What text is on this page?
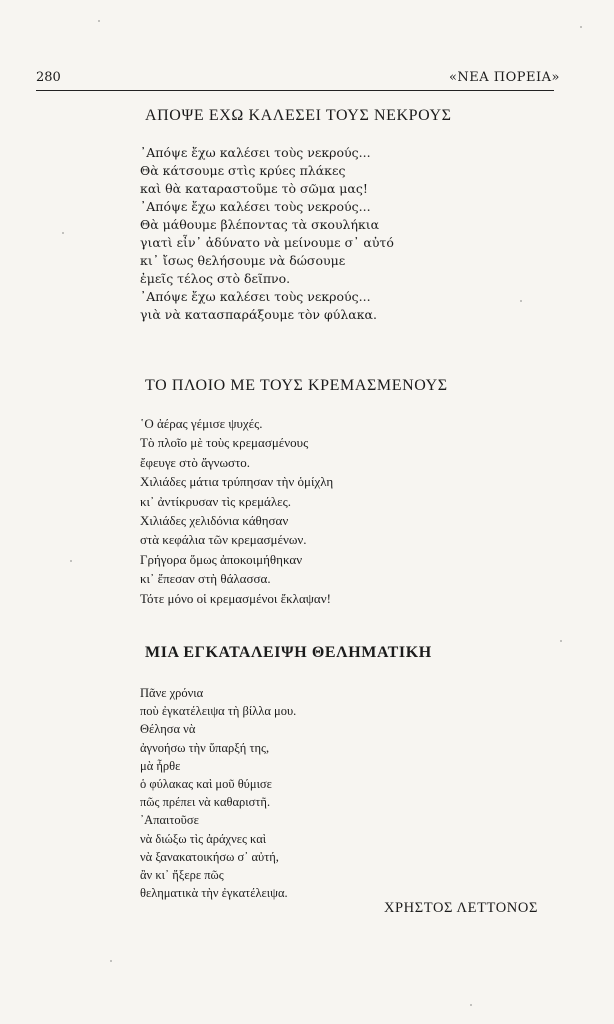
280	«ΝΕΑ ΠΟΡΕΙΑ»
ΑΠΟΨΕ ΕΧΩ ΚΑΛΕΣΕΙ ΤΟΥΣ ΝΕΚΡΟΥΣ
᾿Απόψε ἔχω καλέσει τοὺς νεκρούς...
Θὰ κάτσουμε στὶς κρύες πλάκες
καὶ θὰ καταραστοῦμε τὸ σῶμα μας!
᾿Απόψε ἔχω καλέσει τοὺς νεκρούς...
Θὰ μάθουμε βλέποντας τὰ σκουλήκια
γιατὶ εἶν᾿ ἀδύνατο νὰ μείνουμε σ᾿ αὐτό
κι᾿ ἴσως θελήσουμε νὰ δώσουμε
ἐμεῖς τέλος στὸ δεῖπνο.
᾿Απόψε ἔχω καλέσει τοὺς νεκρούς...
γιὰ νὰ κατασπαράξουμε τὸν φύλακα.
ΤΟ ΠΛΟΙΟ ΜΕ ΤΟΥΣ ΚΡΕΜΑΣΜΕΝΟΥΣ
῾Ο ἀέρας γέμισε ψυχές.
Τὸ πλοῖο μὲ τοὺς κρεμασμένους
ἔφευγε στὸ ἄγνωστο.
Χιλιάδες μάτια τρύπησαν τὴν ὁμίχλη
κι᾿ ἀντίκρυσαν τὶς κρεμάλες.
Χιλιάδες χελιδόνια κάθησαν
στὰ κεφάλια τῶν κρεμασμένων.
Γρήγορα ὅμως ἀποκοιμήθηκαν
κι᾿ ἔπεσαν στὴ θάλασσα.
Τότε μόνο οἱ κρεμασμένοι ἔκλαψαν!
ΜΙΑ ΕΓΚΑΤΑΛΕΙΨΗ ΘΕΛΗΜΑΤΙΚΗ
Πᾶνε χρόνια
ποὺ ἐγκατέλειψα τὴ βίλλα μου.
Θέλησα νὰ
ἀγνοήσω τὴν ὕπαρξή της,
μὰ ἦρθε
ὁ φύλακας καὶ μοῦ θύμισε
πῶς πρέπει νὰ καθαριστῆ.
᾿Απαιτοῦσε
νὰ διώξω τὶς ἀράχνες καὶ
νὰ ξανακατοικήσω σ᾿ αὐτή,
ἂν κι᾿ ἤξερε πῶς
θεληματικὰ τὴν ἐγκατέλειψα.
ΧΡΗΣΤΟΣ ΛΕΤΤΟΝΟΣ
